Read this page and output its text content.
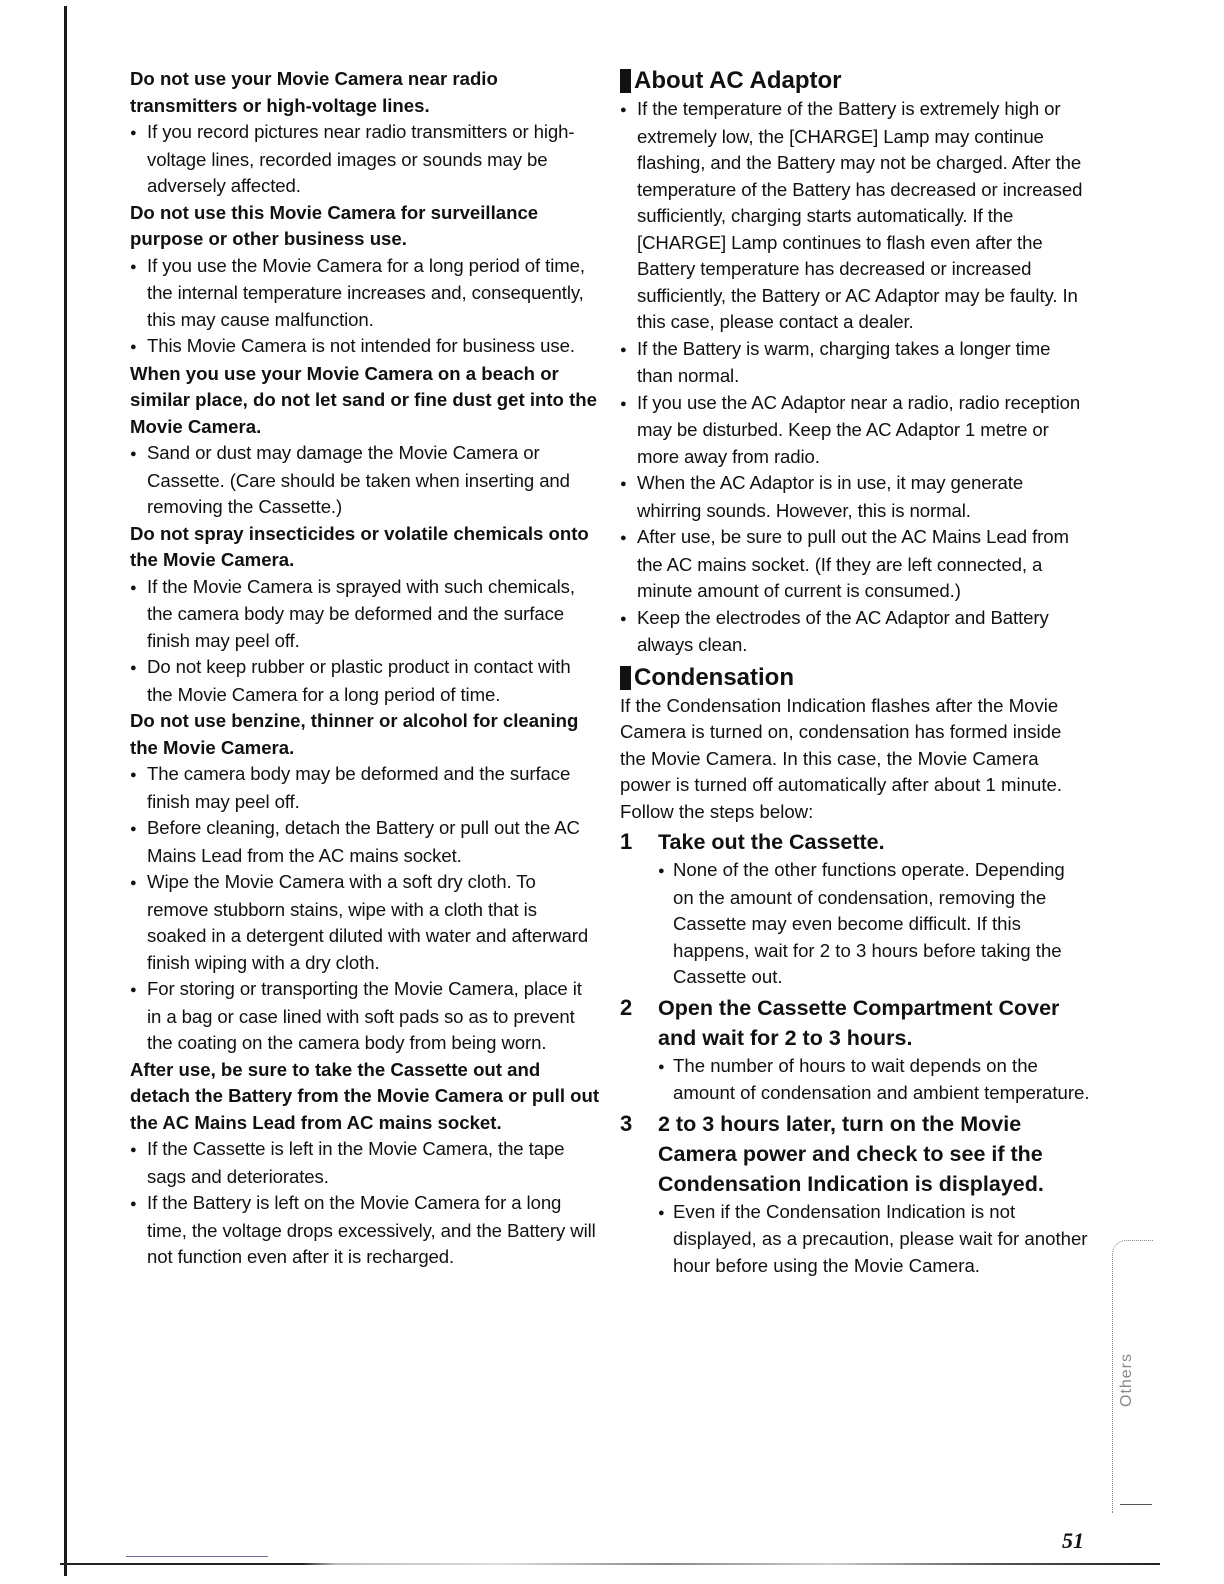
Do not use your Movie Camera near radio transmitters or high-voltage lines.

● If you record pictures near radio transmitters or high-voltage lines, recorded images or sounds may be adversely affected.

Do not use this Movie Camera for surveillance purpose or other business use.

● If you use the Movie Camera for a long period of time, the internal temperature increases and, consequently, this may cause malfunction.

● This Movie Camera is not intended for business use.

When you use your Movie Camera on a beach or similar place, do not let sand or fine dust get into the Movie Camera.

● Sand or dust may damage the Movie Camera or Cassette. (Care should be taken when inserting and removing the Cassette.)

Do not spray insecticides or volatile chemicals onto the Movie Camera.

● If the Movie Camera is sprayed with such chemicals, the camera body may be deformed and the surface finish may peel off.

● Do not keep rubber or plastic product in contact with the Movie Camera for a long period of time.

Do not use benzine, thinner or alcohol for cleaning the Movie Camera.

● The camera body may be deformed and the surface finish may peel off.

● Before cleaning, detach the Battery or pull out the AC Mains Lead from the AC mains socket.

● Wipe the Movie Camera with a soft dry cloth. To remove stubborn stains, wipe with a cloth that is soaked in a detergent diluted with water and afterward finish wiping with a dry cloth.

● For storing or transporting the Movie Camera, place it in a bag or case lined with soft pads so as to prevent the coating on the camera body from being worn.

After use, be sure to take the Cassette out and detach the Battery from the Movie Camera or pull out the AC Mains Lead from AC mains socket.

● If the Cassette is left in the Movie Camera, the tape sags and deteriorates.

● If the Battery is left on the Movie Camera for a long time, the voltage drops excessively, and the Battery will not function even after it is recharged.

About AC Adaptor

● If the temperature of the Battery is extremely high or extremely low, the [CHARGE] Lamp may continue flashing, and the Battery may not be charged. After the temperature of the Battery has decreased or increased sufficiently, charging starts automatically. If the [CHARGE] Lamp continues to flash even after the Battery temperature has decreased or increased sufficiently, the Battery or AC Adaptor may be faulty. In this case, please contact a dealer.

● If the Battery is warm, charging takes a longer time than normal.

● If you use the AC Adaptor near a radio, radio reception may be disturbed. Keep the AC Adaptor 1 metre or more away from radio.

● When the AC Adaptor is in use, it may generate whirring sounds. However, this is normal.

● After use, be sure to pull out the AC Mains Lead from the AC mains socket. (If they are left connected, a minute amount of current is consumed.)

● Keep the electrodes of the AC Adaptor and Battery always clean.

Condensation

If the Condensation Indication flashes after the Movie Camera is turned on, condensation has formed inside the Movie Camera. In this case, the Movie Camera power is turned off automatically after about 1 minute.

Follow the steps below:

1	Take out the Cassette.

● None of the other functions operate. Depending on the amount of condensation, removing the Cassette may even become difficult. If this happens, wait for 2 to 3 hours before taking the Cassette out.

2	Open the Cassette Compartment Cover and wait for 2 to 3 hours.

● The number of hours to wait depends on the amount of condensation and ambient temperature.

3	2 to 3 hours later, turn on the Movie Camera power and check to see if the Condensation Indication is displayed.

● Even if the Condensation Indication is not displayed, as a precaution, please wait for another hour before using the Movie Camera.

Others
51
